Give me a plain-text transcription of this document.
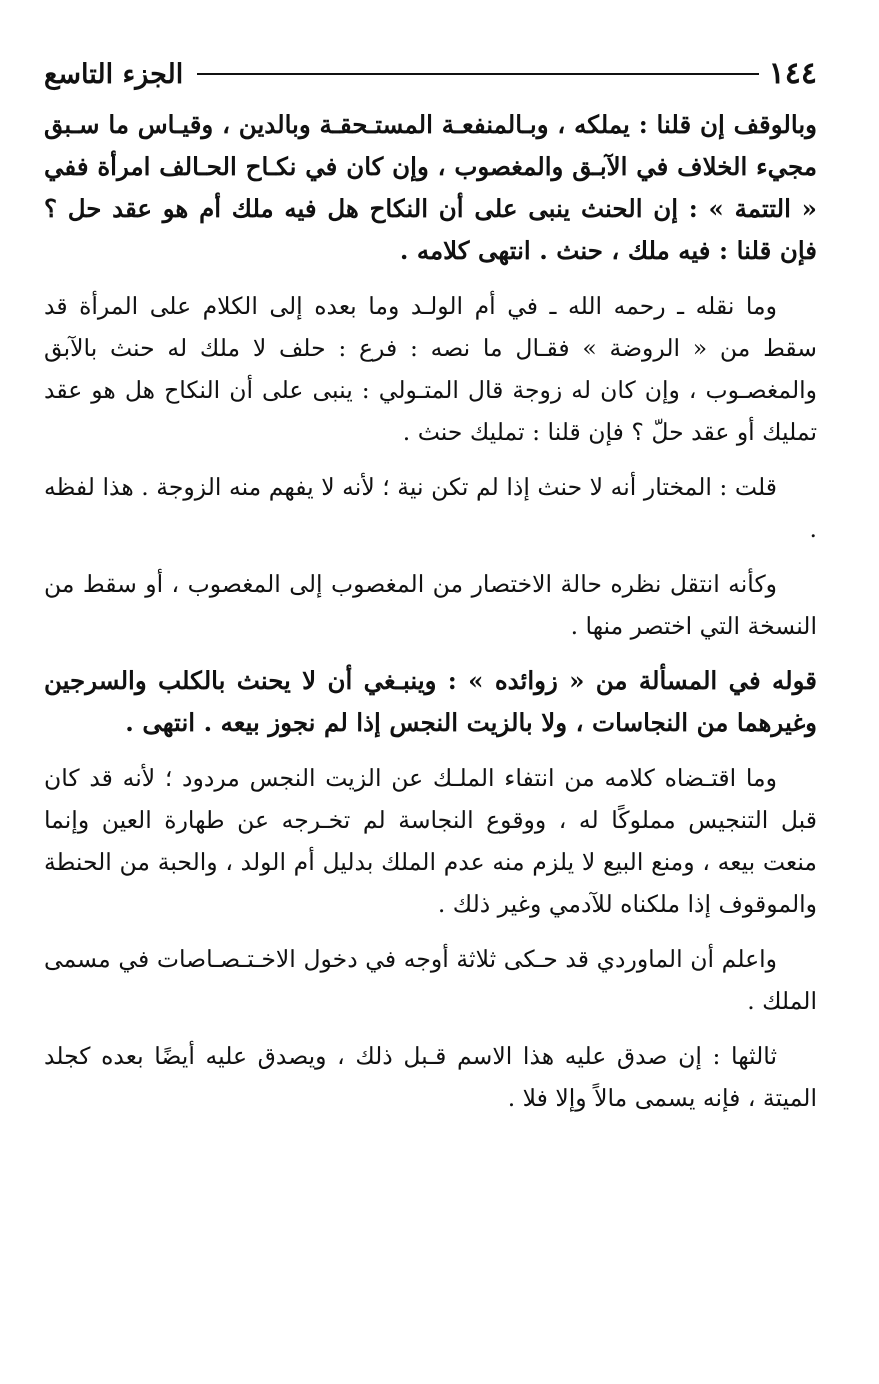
١٤٤
الجزء التاسع

وبالوقف إن قلنا : يملكه ، وبـالمنفعـة المستـحقـة وبالدين ، وقيـاس ما سـبق مجيء الخلاف في الآبـق والمغصوب ، وإن كان في نكـاح الحـالف امرأة ففي « التتمة » : إن الحنث ينبى على أن النكاح هل فيه ملك أم هو عقد حل ؟ فإن قلنا : فيه ملك ، حنث . انتهى كلامه .

وما نقله ـ رحمه الله ـ في أم الولـد وما بعده إلى الكلام على المرأة قد سقط من « الروضة » فقـال ما نصه : فرع : حلف لا ملك له حنث بالآبق والمغصـوب ، وإن كان له زوجة قال المتـولي : ينبى على أن النكاح هل هو عقد تمليك أو عقد حلّ ؟ فإن قلنا : تمليك حنث .

قلت : المختار أنه لا حنث إذا لم تكن نية ؛ لأنه لا يفهم منه الزوجة . هذا لفظه .

وكأنه انتقل نظره حالة الاختصار من المغصوب إلى المغصوب ، أو سقط من النسخة التي اختصر منها .

قوله في المسألة من « زوائده » : وينبـغي أن لا يحنث بالكلب والسرجين وغيرهما من النجاسات ، ولا بالزيت النجس إذا لم نجوز بيعه . انتهى .

وما اقتـضاه كلامه من انتفاء الملـك عن الزيت النجس مردود ؛ لأنه قد كان قبل التنجيس مملوكًا له ، ووقوع النجاسة لم تخـرجه عن طهارة العين وإنما منعت بيعه ، ومنع البيع لا يلزم منه عدم الملك بدليل أم الولد ، والحبة من الحنطة والموقوف إذا ملكناه للآدمي وغير ذلك .

واعلم أن الماوردي قد حـكى ثلاثة أوجه في دخول الاخـتـصـاصات في مسمى الملك .

ثالثها : إن صدق عليه هذا الاسم قـبل ذلك ، ويصدق عليه أيضًا بعده كجلد الميتة ، فإنه يسمى مالاً وإلا فلا .
